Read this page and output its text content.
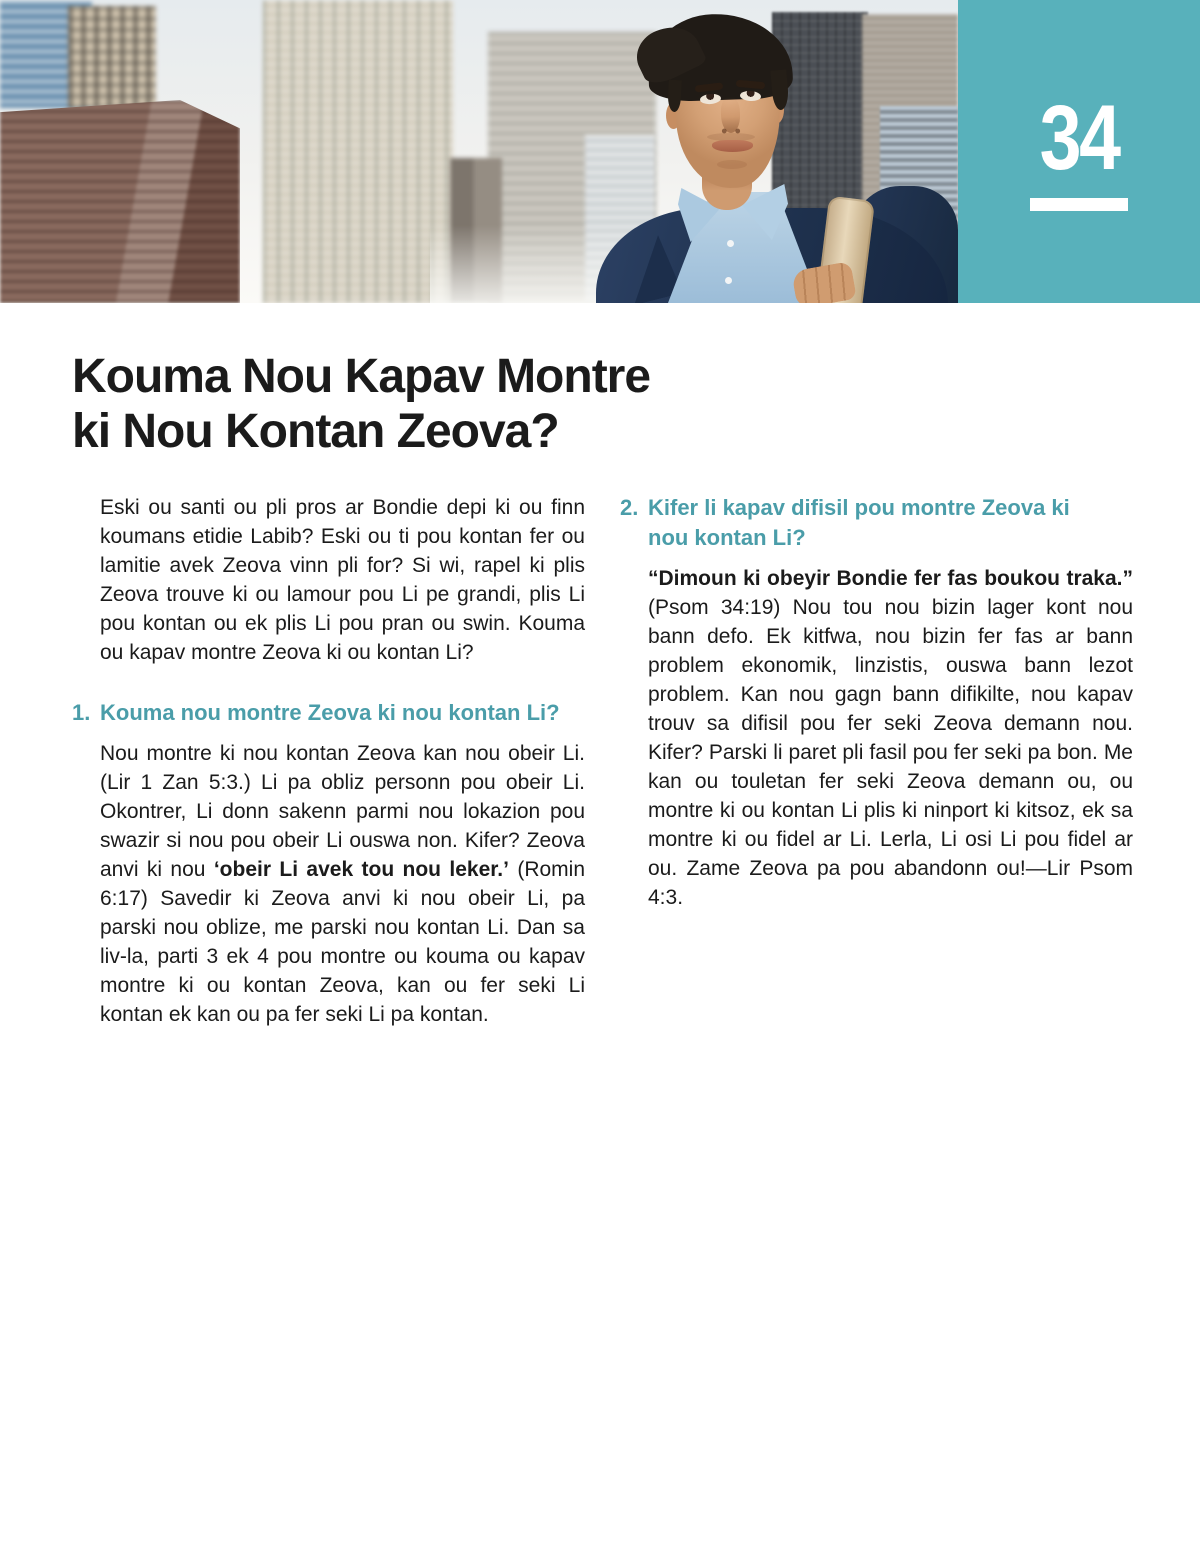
34
Kouma Nou Kapav Montre
ki Nou Kontan Zeova?

Eski ou santi ou pli pros ar Bondie depi ki ou finn koumans etidie Labib? Eski ou ti pou kontan fer ou lamitie avek Zeova vinn pli for? Si wi, rapel ki plis Zeova trouve ki ou lamour pou Li pe grandi, plis Li pou kontan ou ek plis Li pou pran ou swin. Kouma ou kapav montre Zeova ki ou kontan Li?

1. Kouma nou montre Zeova ki nou kontan Li?

Nou montre ki nou kontan Zeova kan nou obeir Li. (Lir 1 Zan 5:3.) Li pa obliz personn pou obeir Li. Okontrer, Li donn sakenn parmi nou lokazion pou swazir si nou pou obeir Li ouswa non. Kifer? Zeova anvi ki nou ‘obeir Li avek tou nou leker.’ (Romin 6:17) Savedir ki Zeova anvi ki nou obeir Li, pa parski nou oblize, me parski nou kontan Li. Dan sa liv-la, parti 3 ek 4 pou montre ou kouma ou kapav montre ki ou kontan Zeova, kan ou fer seki Li kontan ek kan ou pa fer seki Li pa kontan.

2. Kifer li kapav difisil pou montre Zeova ki nou kontan Li?

“Dimoun ki obeyir Bondie fer fas boukou traka.” (Psom 34:19) Nou tou nou bizin lager kont nou bann defo. Ek kitfwa, nou bizin fer fas ar bann problem ekonomik, linzistis, ouswa bann lezot problem. Kan nou gagn bann difikilte, nou kapav trouv sa difisil pou fer seki Zeova demann nou. Kifer? Parski li paret pli fasil pou fer seki pa bon. Me kan ou touletan fer seki Zeova demann ou, ou montre ki ou kontan Li plis ki ninport ki kitsoz, ek sa montre ki ou fidel ar Li. Lerla, Li osi Li pou fidel ar ou. Zame Zeova pa pou abandonn ou!—Lir Psom 4:3.
